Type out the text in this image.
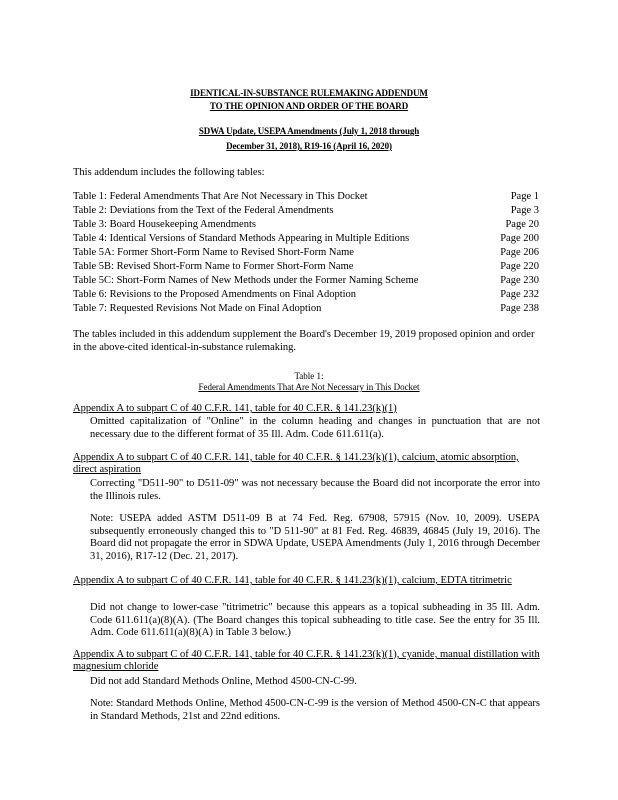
IDENTICAL-IN-SUBSTANCE RULEMAKING ADDENDUM
TO THE OPINION AND ORDER OF THE BOARD
SDWA Update, USEPA Amendments (July 1, 2018 through
December 31, 2018), R19-16 (April 16, 2020)
This addendum includes the following tables:
Table 1: Federal Amendments That Are Not Necessary in This Docket	Page 1
Table 2: Deviations from the Text of the Federal Amendments	Page 3
Table 3: Board Housekeeping Amendments	Page 20
Table 4: Identical Versions of Standard Methods Appearing in Multiple Editions	Page 200
Table 5A: Former Short-Form Name to Revised Short-Form Name	Page 206
Table 5B: Revised Short-Form Name to Former Short-Form Name	Page 220
Table 5C: Short-Form Names of New Methods under the Former Naming Scheme	Page 230
Table 6: Revisions to the Proposed Amendments on Final Adoption	Page 232
Table 7: Requested Revisions Not Made on Final Adoption	Page 238
The tables included in this addendum supplement the Board's December 19, 2019 proposed opinion and order in the above-cited identical-in-substance rulemaking.
Table 1:
Federal Amendments That Are Not Necessary in This Docket
Appendix A to subpart C of 40 C.F.R. 141, table for 40 C.F.R. § 141.23(k)(1)
Omitted capitalization of "Online" in the column heading and changes in punctuation that are not necessary due to the different format of 35 Ill. Adm. Code 611.611(a).
Appendix A to subpart C of 40 C.F.R. 141, table for 40 C.F.R. § 141.23(k)(1), calcium, atomic absorption, direct aspiration
Correcting "D511-90" to D511-09" was not necessary because the Board did not incorporate the error into the Illinois rules.
Note: USEPA added ASTM D511-09 B at 74 Fed. Reg. 67908, 57915 (Nov. 10, 2009). USEPA subsequently erroneously changed this to "D 511-90" at 81 Fed. Reg. 46839, 46845 (July 19, 2016). The Board did not propagate the error in SDWA Update, USEPA Amendments (July 1, 2016 through December 31, 2016), R17-12 (Dec. 21, 2017).
Appendix A to subpart C of 40 C.F.R. 141, table for 40 C.F.R. § 141.23(k)(1), calcium, EDTA titrimetric
Did not change to lower-case "titrimetric" because this appears as a topical subheading in 35 Ill. Adm. Code 611.611(a)(8)(A). (The Board changes this topical subheading to title case. See the entry for 35 Ill. Adm. Code 611.611(a)(8)(A) in Table 3 below.)
Appendix A to subpart C of 40 C.F.R. 141, table for 40 C.F.R. § 141.23(k)(1), cyanide, manual distillation with magnesium chloride
Did not add Standard Methods Online, Method 4500-CN-C-99.
Note: Standard Methods Online, Method 4500-CN-C-99 is the version of Method 4500-CN-C that appears in Standard Methods, 21st and 22nd editions.
